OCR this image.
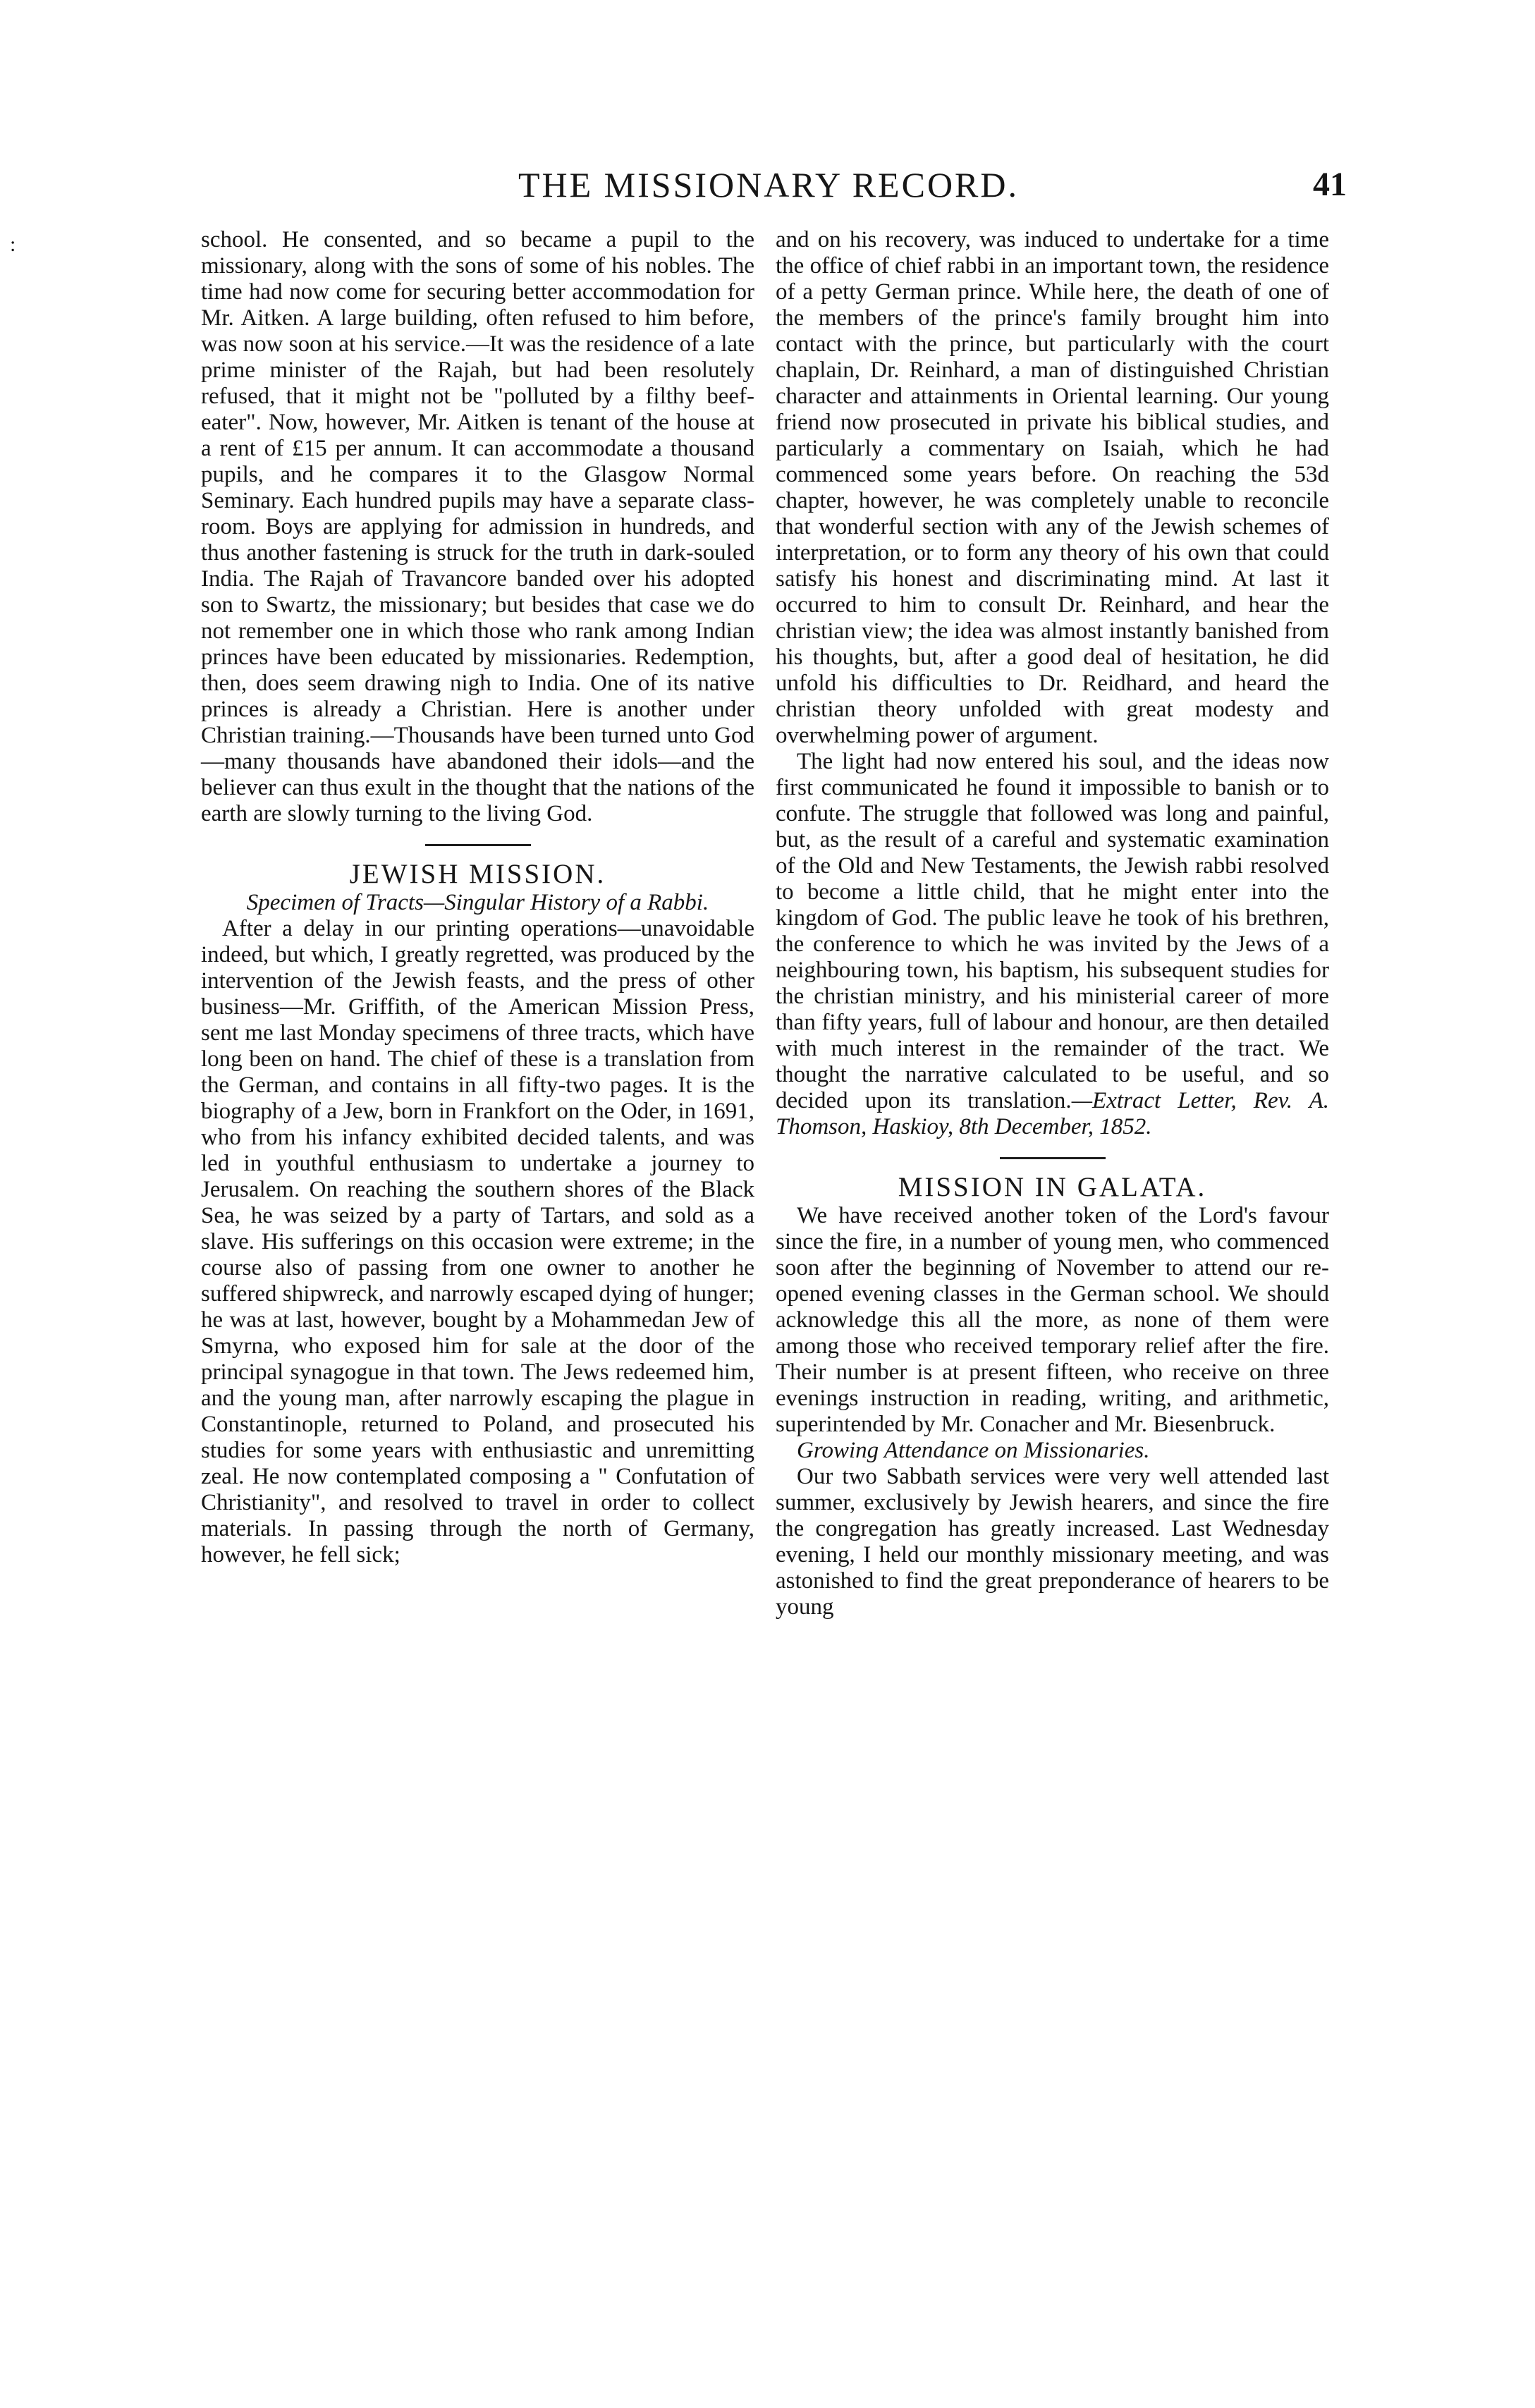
:
THE MISSIONARY RECORD.	41

school. He consented, and so became a pupil to the missionary, along with the sons of some of his nobles. The time had now come for securing better accommodation for Mr. Aitken. A large building, often refused to him before, was now soon at his service.—It was the residence of a late prime minister of the Rajah, but had been resolutely refused, that it might not be "polluted by a filthy beef-eater". Now, however, Mr. Aitken is tenant of the house at a rent of £15 per annum. It can accommodate a thousand pupils, and he compares it to the Glasgow Normal Seminary. Each hundred pupils may have a separate class-room. Boys are applying for admission in hundreds, and thus another fastening is struck for the truth in dark-souled India. The Rajah of Travancore banded over his adopted son to Swartz, the missionary; but besides that case we do not remember one in which those who rank among Indian princes have been educated by missionaries. Redemption, then, does seem drawing nigh to India. One of its native princes is already a Christian. Here is another under Christian training.—Thousands have been turned unto God—many thousands have abandoned their idols—and the believer can thus exult in the thought that the nations of the earth are slowly turning to the living God.

JEWISH MISSION.

Specimen of Tracts—Singular History of a Rabbi.

After a delay in our printing operations—unavoidable indeed, but which, I greatly regretted, was produced by the intervention of the Jewish feasts, and the press of other business—Mr. Griffith, of the American Mission Press, sent me last Monday specimens of three tracts, which have long been on hand. The chief of these is a translation from the German, and contains in all fifty-two pages. It is the biography of a Jew, born in Frankfort on the Oder, in 1691, who from his infancy exhibited decided talents, and was led in youthful enthusiasm to undertake a journey to Jerusalem. On reaching the southern shores of the Black Sea, he was seized by a party of Tartars, and sold as a slave. His sufferings on this occasion were extreme; in the course also of passing from one owner to another he suffered shipwreck, and narrowly escaped dying of hunger; he was at last, however, bought by a Mohammedan Jew of Smyrna, who exposed him for sale at the door of the principal synagogue in that town. The Jews redeemed him, and the young man, after narrowly escaping the plague in Constantinople, returned to Poland, and prosecuted his studies for some years with enthusiastic and unremitting zeal. He now contemplated composing a " Confutation of Christianity", and resolved to travel in order to collect materials. In passing through the north of Germany, however, he fell sick;

and on his recovery, was induced to undertake for a time the office of chief rabbi in an important town, the residence of a petty German prince. While here, the death of one of the members of the prince's family brought him into contact with the prince, but particularly with the court chaplain, Dr. Reinhard, a man of distinguished Christian character and attainments in Oriental learning. Our young friend now prosecuted in private his biblical studies, and particularly a commentary on Isaiah, which he had commenced some years before. On reaching the 53d chapter, however, he was completely unable to reconcile that wonderful section with any of the Jewish schemes of interpretation, or to form any theory of his own that could satisfy his honest and discriminating mind. At last it occurred to him to consult Dr. Reinhard, and hear the christian view; the idea was almost instantly banished from his thoughts, but, after a good deal of hesitation, he did unfold his difficulties to Dr. Reidhard, and heard the christian theory unfolded with great modesty and overwhelming power of argument.

The light had now entered his soul, and the ideas now first communicated he found it impossible to banish or to confute. The struggle that followed was long and painful, but, as the result of a careful and systematic examination of the Old and New Testaments, the Jewish rabbi resolved to become a little child, that he might enter into the kingdom of God. The public leave he took of his brethren, the conference to which he was invited by the Jews of a neighbouring town, his baptism, his subsequent studies for the christian ministry, and his ministerial career of more than fifty years, full of labour and honour, are then detailed with much interest in the remainder of the tract. We thought the narrative calculated to be useful, and so decided upon its translation.—Extract Letter, Rev. A. Thomson, Haskioy, 8th December, 1852.

MISSION IN GALATA.

We have received another token of the Lord's favour since the fire, in a number of young men, who commenced soon after the beginning of November to attend our re-opened evening classes in the German school. We should acknowledge this all the more, as none of them were among those who received temporary relief after the fire. Their number is at present fifteen, who receive on three evenings instruction in reading, writing, and arithmetic, superintended by Mr. Conacher and Mr. Biesenbruck.

Growing Attendance on Missionaries.

Our two Sabbath services were very well attended last summer, exclusively by Jewish hearers, and since the fire the congregation has greatly increased. Last Wednesday evening, I held our monthly missionary meeting, and was astonished to find the great preponderance of hearers to be young
